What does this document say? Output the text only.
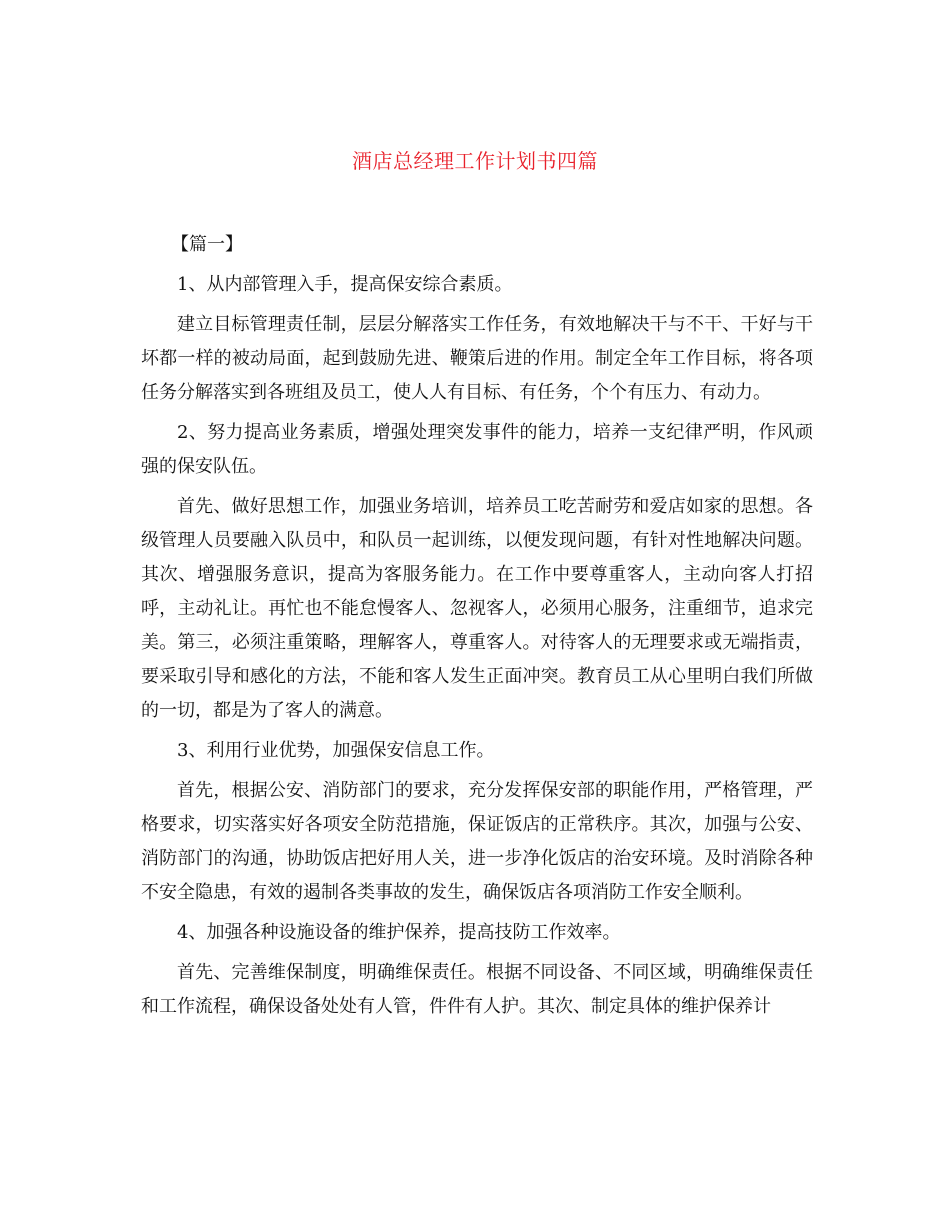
酒店总经理工作计划书四篇

【篇一】

1、从内部管理入手，提高保安综合素质。

建立目标管理责任制，层层分解落实工作任务，有效地解决干与不干、干好与干坏都一样的被动局面，起到鼓励先进、鞭策后进的作用。制定全年工作目标，将各项任务分解落实到各班组及员工，使人人有目标、有任务，个个有压力、有动力。

2、努力提高业务素质，增强处理突发事件的能力，培养一支纪律严明，作风顽强的保安队伍。

首先、做好思想工作，加强业务培训，培养员工吃苦耐劳和爱店如家的思想。各级管理人员要融入队员中，和队员一起训练，以便发现问题，有针对性地解决问题。其次、增强服务意识，提高为客服务能力。在工作中要尊重客人，主动向客人打招呼，主动礼让。再忙也不能怠慢客人、忽视客人，必须用心服务，注重细节，追求完美。第三，必须注重策略，理解客人，尊重客人。对待客人的无理要求或无端指责，要采取引导和感化的方法，不能和客人发生正面冲突。教育员工从心里明白我们所做的一切，都是为了客人的满意。

3、利用行业优势，加强保安信息工作。

首先，根据公安、消防部门的要求，充分发挥保安部的职能作用，严格管理，严格要求，切实落实好各项安全防范措施，保证饭店的正常秩序。其次，加强与公安、消防部门的沟通，协助饭店把好用人关，进一步净化饭店的治安环境。及时消除各种不安全隐患，有效的遏制各类事故的发生，确保饭店各项消防工作安全顺利。

4、加强各种设施设备的维护保养，提高技防工作效率。

首先、完善维保制度，明确维保责任。根据不同设备、不同区域，明确维保责任和工作流程，确保设备处处有人管，件件有人护。其次、制定具体的维护保养计
